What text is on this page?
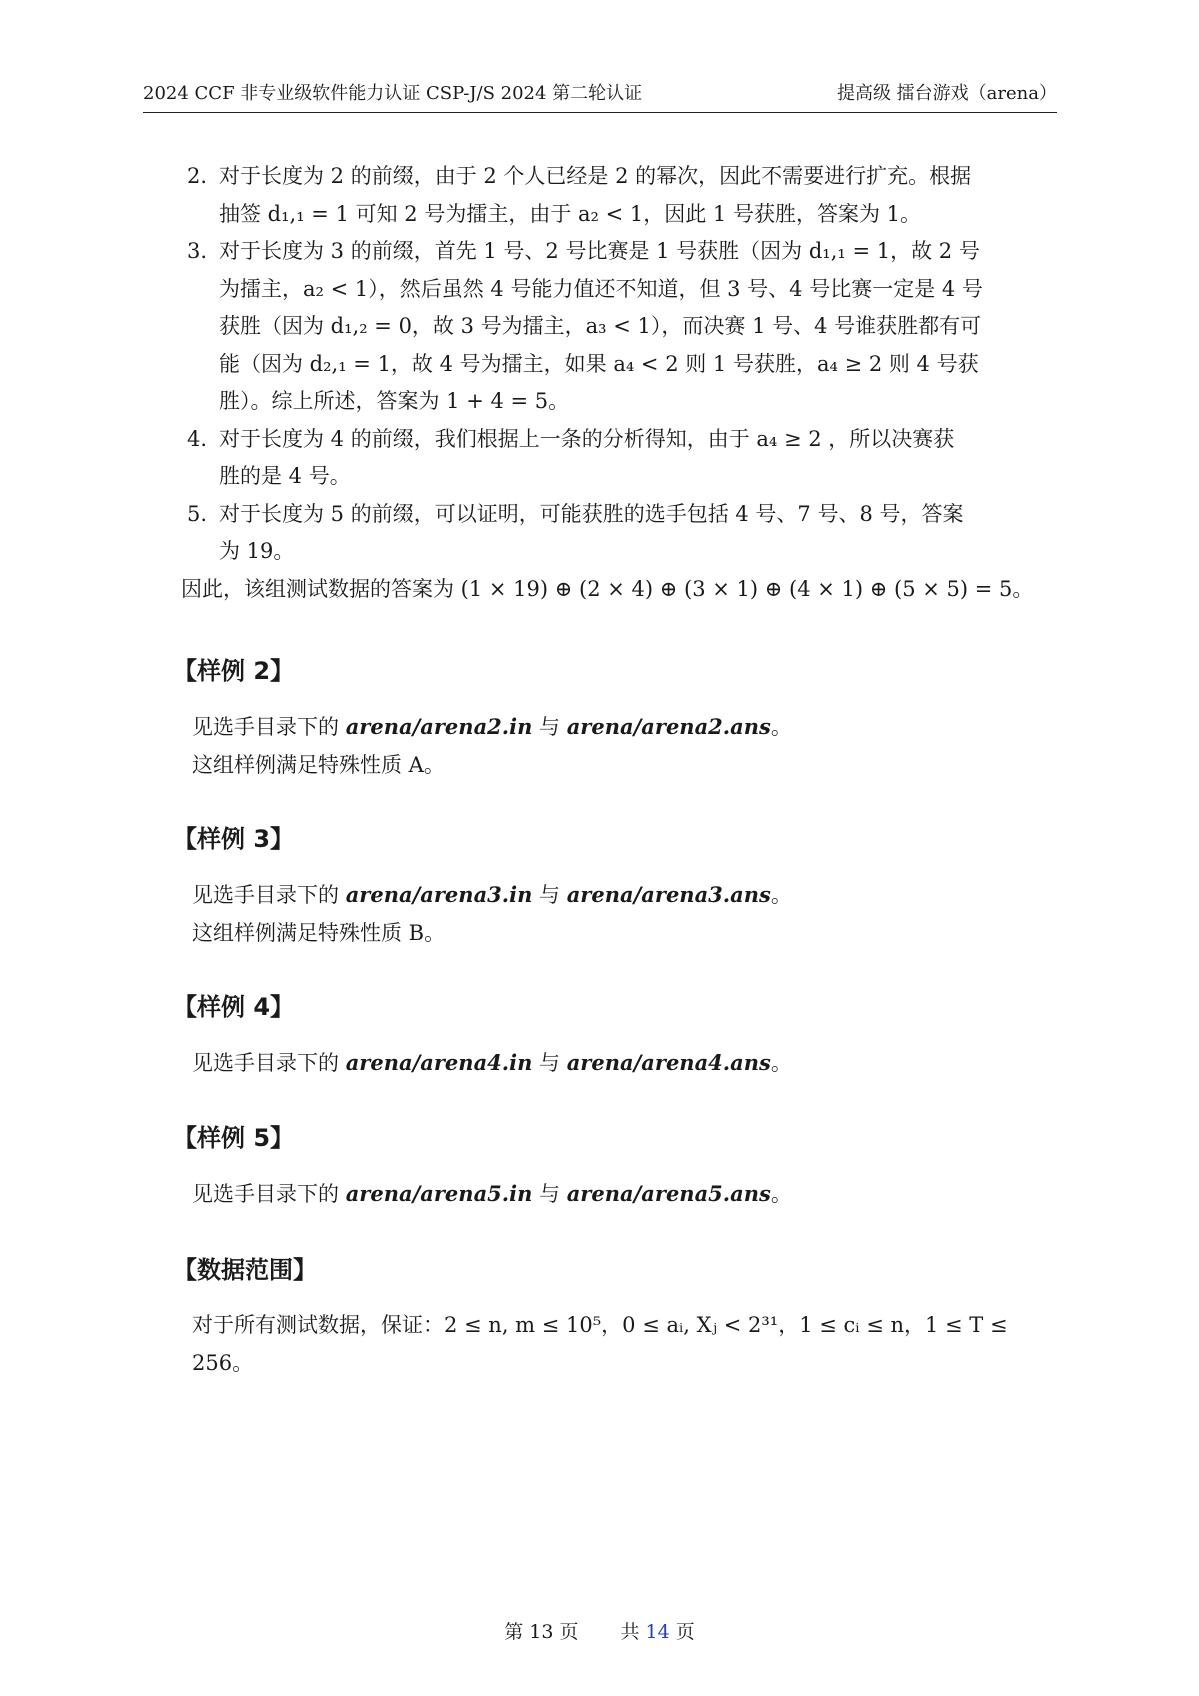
2024 CCF 非专业级软件能力认证 CSP-J/S 2024 第二轮认证	提高级 擂台游戏（arena）
2. 对于长度为 2 的前缀，由于 2 个人已经是 2 的幂次，因此不需要进行扩充。根据
抽签 d₁,₁ = 1 可知 2 号为擂主，由于 a₂ < 1，因此 1 号获胜，答案为 1。
3. 对于长度为 3 的前缀，首先 1 号、2 号比赛是 1 号获胜（因为 d₁,₁ = 1，故 2 号
为擂主，a₂ < 1），然后虽然 4 号能力值还不知道，但 3 号、4 号比赛一定是 4 号
获胜（因为 d₁,₂ = 0，故 3 号为擂主，a₃ < 1），而决赛 1 号、4 号谁获胜都有可
能（因为 d₂,₁ = 1，故 4 号为擂主，如果 a₄ < 2 则 1 号获胜，a₄ ≥ 2 则 4 号获
胜）。综上所述，答案为 1 + 4 = 5。
4. 对于长度为 4 的前缀，我们根据上一条的分析得知，由于 a₄ ≥ 2 ，所以决赛获
胜的是 4 号。
5. 对于长度为 5 的前缀，可以证明，可能获胜的选手包括 4 号、7 号、8 号，答案
为 19。
因此，该组测试数据的答案为 (1 × 19) ⊕ (2 × 4) ⊕ (3 × 1) ⊕ (4 × 1) ⊕ (5 × 5) = 5。
【样例 2】
见选手目录下的 arena/arena2.in 与 arena/arena2.ans。
这组样例满足特殊性质 A。
【样例 3】
见选手目录下的 arena/arena3.in 与 arena/arena3.ans。
这组样例满足特殊性质 B。
【样例 4】
见选手目录下的 arena/arena4.in 与 arena/arena4.ans。
【样例 5】
见选手目录下的 arena/arena5.in 与 arena/arena5.ans。
【数据范围】
对于所有测试数据，保证：2 ≤ n, m ≤ 10⁵，0 ≤ aᵢ, Xⱼ < 2³¹，1 ≤ cᵢ ≤ n，1 ≤ T ≤ 256。
第 13 页 共 14 页
